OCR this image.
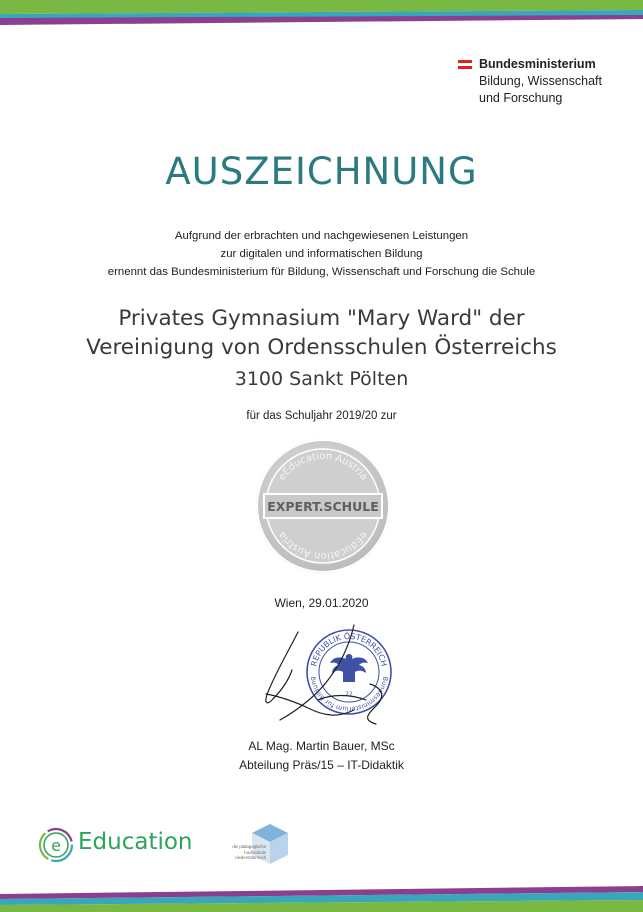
Bundesministerium
Bildung, Wissenschaft
und Forschung
AUSZEICHNUNG
Aufgrund der erbrachten und nachgewiesenen Leistungen
zur digitalen und informatischen Bildung
ernennt das Bundesministerium für Bildung, Wissenschaft und Forschung die Schule
Privates Gymnasium "Mary Ward" der
Vereinigung von Ordensschulen Österreichs
3100 Sankt Pölten
für das Schuljahr 2019/20 zur
eEducation Austria
eEducation Austria
EXPERT.SCHULE
Wien, 29.01.2020
REPUBLIK ÖSTERREICH
Bundesministerium für Bildung
22
AL Mag. Martin Bauer, MSc
Abteilung Präs/15 – IT-Didaktik
e Education	die pädagogische
hochschule
niederösterreich
